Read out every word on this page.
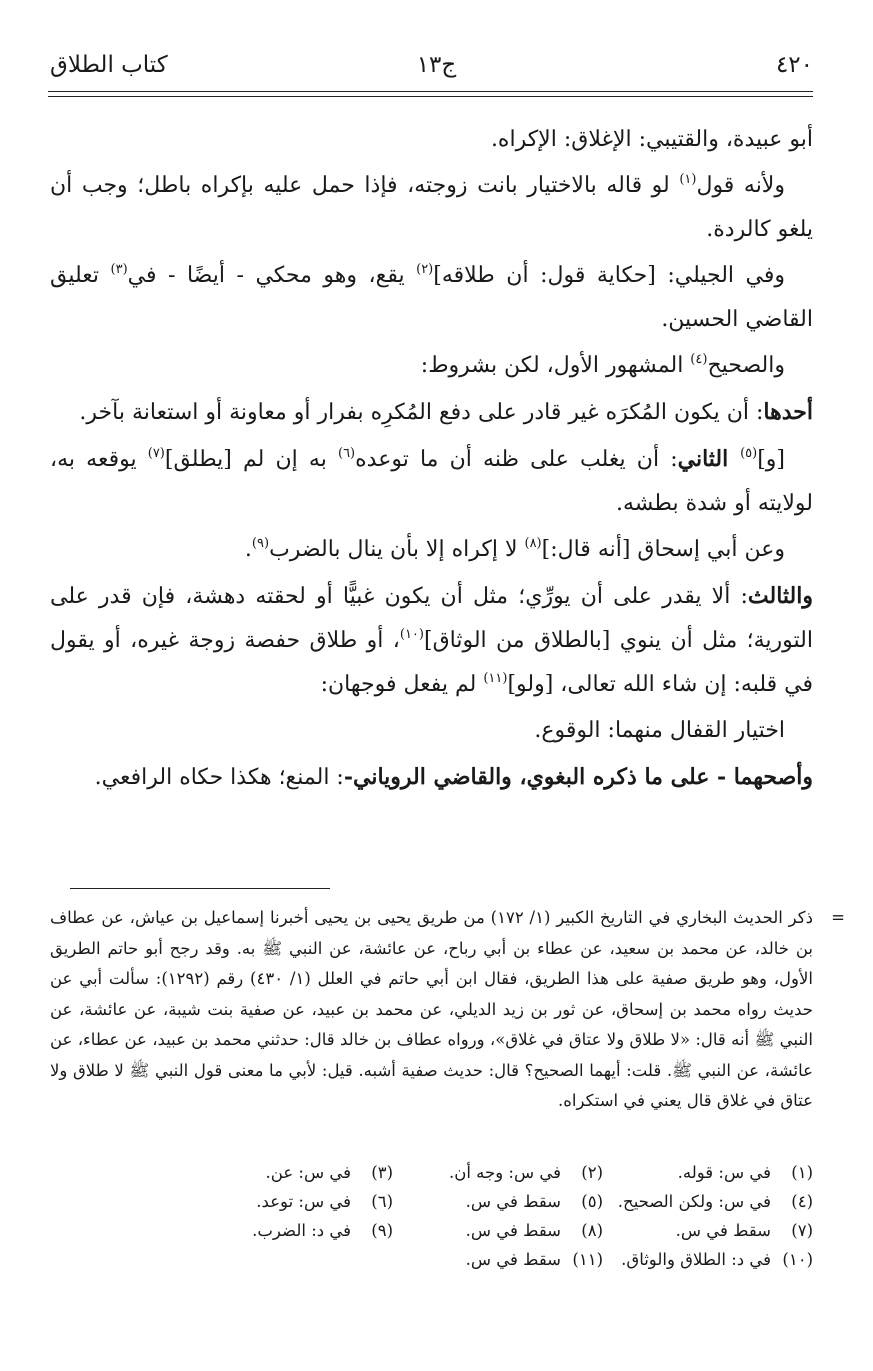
٤٢٠
ج١٣
كتاب الطلاق

أبو عبيدة، والقتيبي: الإغلاق: الإكراه.

ولأنه قول$^{(١)}$ لو قاله بالاختيار بانت زوجته، فإذا حمل عليه بإكراه باطل؛ وجب أن يلغو كالردة.

وفي الجيلي: [حكاية قول: أن طلاقه]$^{(٢)}$ يقع، وهو محكي - أيضًا - في$^{(٣)}$ تعليق القاضي الحسين.

والصحيح$^{(٤)}$ المشهور الأول، لكن بشروط:

أحدها: أن يكون المُكرَه غير قادر على دفع المُكرِه بفرار أو معاونة أو استعانة بآخر.

[و]$^{(٥)}$ الثاني: أن يغلب على ظنه أن ما توعده$^{(٦)}$ به إن لم [يطلق]$^{(٧)}$ يوقعه به، لولايته أو شدة بطشه.

وعن أبي إسحاق [أنه قال:]$^{(٨)}$ لا إكراه إلا بأن ينال بالضرب$^{(٩)}$.

والثالث: ألا يقدر على أن يورِّي؛ مثل أن يكون غبيًّا أو لحقته دهشة، فإن قدر على التورية؛ مثل أن ينوي [بالطلاق من الوثاق]$^{(١٠)}$، أو طلاق حفصة زوجة غيره، أو يقول في قلبه: إن شاء الله تعالى، [ولو]$^{(١١)}$ لم يفعل فوجهان:

اختيار القفال منهما: الوقوع.

وأصحهما - على ما ذكره البغوي، والقاضي الروياني-: المنع؛ هكذا حكاه الرافعي.

=
ذكر الحديث البخاري في التاريخ الكبير (١/ ١٧٢) من طريق يحيى بن يحيى أخبرنا إسماعيل بن عياش، عن عطاف بن خالد، عن محمد بن سعيد، عن عطاء بن أبي رباح، عن عائشة، عن النبي ﷺ به. وقد رجح أبو حاتم الطريق الأول، وهو طريق صفية على هذا الطريق، فقال ابن أبي حاتم في العلل (١/ ٤٣٠) رقم (١٢٩٢): سألت أبي عن حديث رواه محمد بن إسحاق، عن ثور بن زيد الديلي، عن محمد بن عبيد، عن صفية بنت شيبة، عن عائشة، عن النبي ﷺ أنه قال: «لا طلاق ولا عتاق في غلاق»، ورواه عطاف بن خالد قال: حدثني محمد بن عبيد، عن عطاء، عن عائشة، عن النبي ﷺ. قلت: أيهما الصحيح؟ قال: حديث صفية أشبه. قيل: لأبي ما معنى قول النبي ﷺ لا طلاق ولا عتاق في غلاق قال يعني في استكراه.
(١)في س: قوله.
(٢)في س: وجه أن.
(٣)في س: عن.
(٤)في س: ولكن الصحيح.
(٥)سقط في س.
(٦)في س: توعد.
(٧)سقط في س.
(٨)سقط في س.
(٩)في د: الضرب.
(١٠)في د: الطلاق والوثاق.
(١١)سقط في س.
